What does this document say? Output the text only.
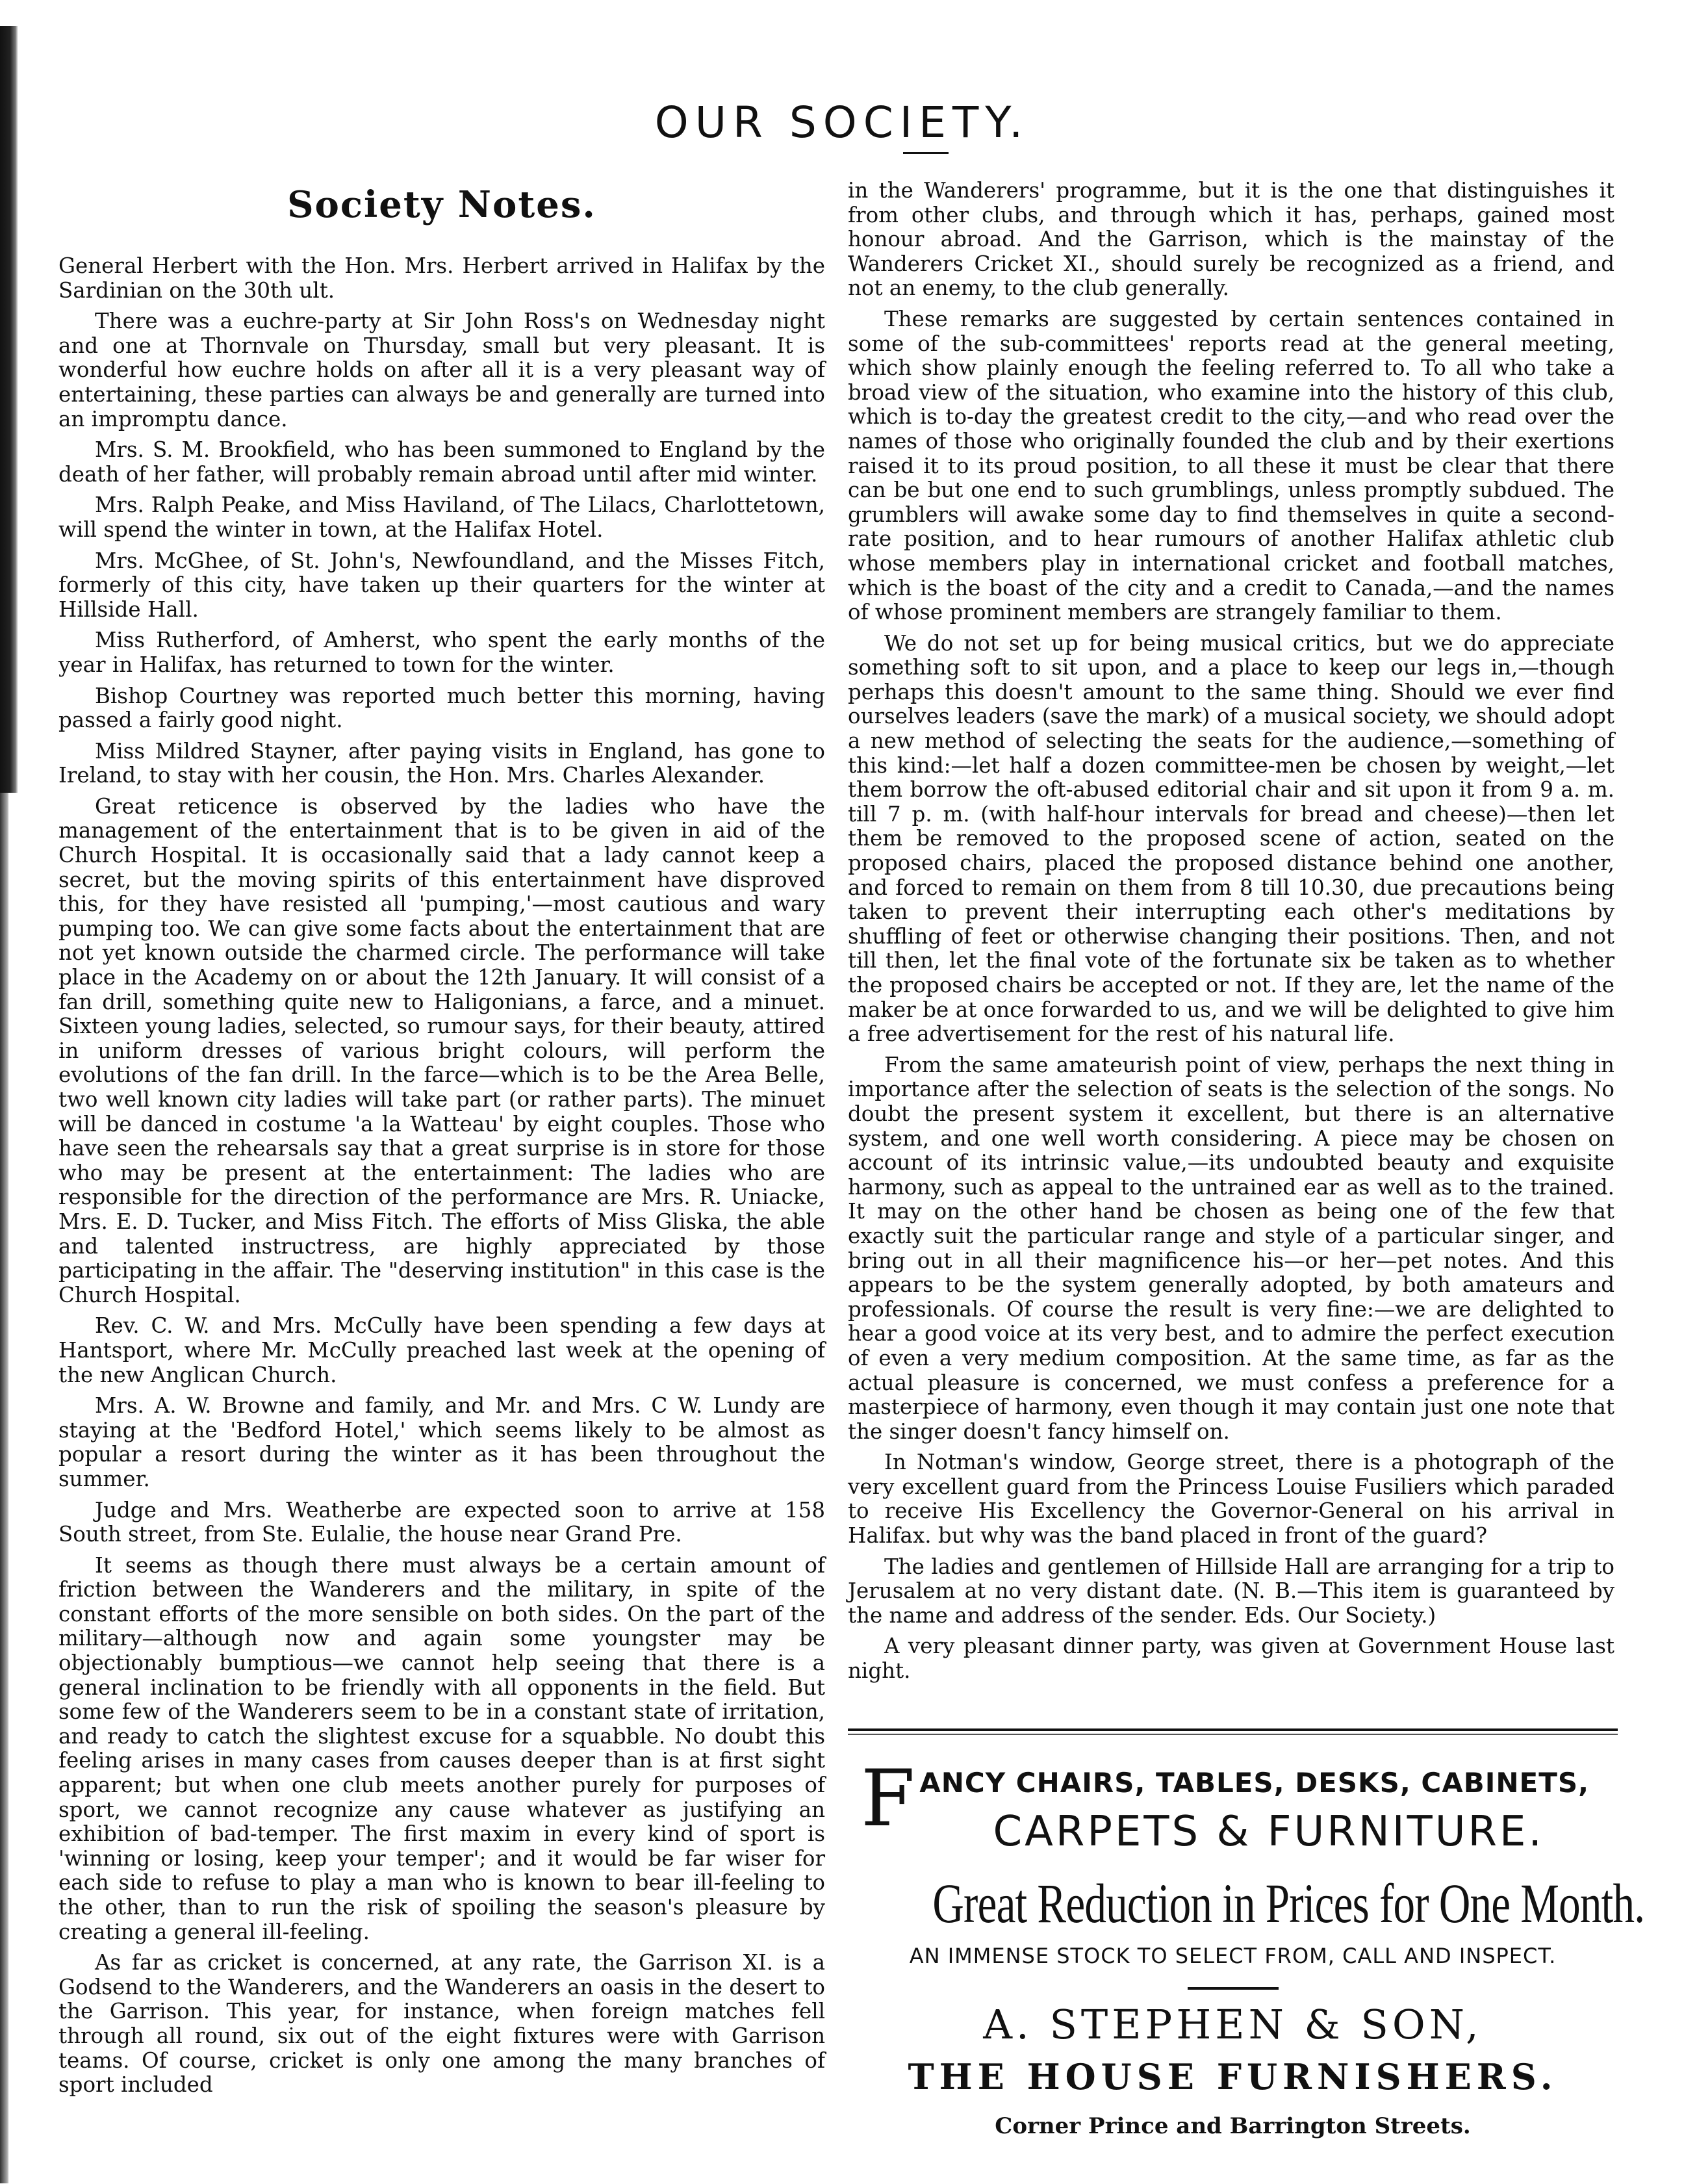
OUR SOCIETY.
Society Notes.

General Herbert with the Hon. Mrs. Herbert arrived in Halifax by the Sardinian on the 30th ult.

There was a euchre-party at Sir John Ross's on Wednesday night and one at Thornvale on Thursday, small but very pleasant. It is wonderful how euchre holds on after all it is a very pleasant way of entertaining, these parties can always be and generally are turned into an impromptu dance.

Mrs. S. M. Brookfield, who has been summoned to England by the death of her father, will probably remain abroad until after mid winter.

Mrs. Ralph Peake, and Miss Haviland, of The Lilacs, Charlottetown, will spend the winter in town, at the Halifax Hotel.

Mrs. McGhee, of St. John's, Newfoundland, and the Misses Fitch, formerly of this city, have taken up their quarters for the winter at Hillside Hall.

Miss Rutherford, of Amherst, who spent the early months of the year in Halifax, has returned to town for the winter.

Bishop Courtney was reported much better this morning, having passed a fairly good night.

Miss Mildred Stayner, after paying visits in England, has gone to Ireland, to stay with her cousin, the Hon. Mrs. Charles Alexander.

Great reticence is observed by the ladies who have the management of the entertainment that is to be given in aid of the Church Hospital. It is occasionally said that a lady cannot keep a secret, but the moving spirits of this entertainment have disproved this, for they have resisted all 'pumping,'—most cautious and wary pumping too. We can give some facts about the entertainment that are not yet known outside the charmed circle. The performance will take place in the Academy on or about the 12th January. It will consist of a fan drill, something quite new to Haligonians, a farce, and a minuet. Sixteen young ladies, selected, so rumour says, for their beauty, attired in uniform dresses of various bright colours, will perform the evolutions of the fan drill. In the farce—which is to be the Area Belle, two well known city ladies will take part (or rather parts). The minuet will be danced in costume 'a la Watteau' by eight couples. Those who have seen the rehearsals say that a great surprise is in store for those who may be present at the entertainment: The ladies who are responsible for the direction of the performance are Mrs. R. Uniacke, Mrs. E. D. Tucker, and Miss Fitch. The efforts of Miss Gliska, the able and talented instructress, are highly appreciated by those participating in the affair. The "deserving institution" in this case is the Church Hospital.

Rev. C. W. and Mrs. McCully have been spending a few days at Hantsport, where Mr. McCully preached last week at the opening of the new Anglican Church.

Mrs. A. W. Browne and family, and Mr. and Mrs. C W. Lundy are staying at the 'Bedford Hotel,' which seems likely to be almost as popular a resort during the winter as it has been throughout the summer.

Judge and Mrs. Weatherbe are expected soon to arrive at 158 South street, from Ste. Eulalie, the house near Grand Pre.

It seems as though there must always be a certain amount of friction between the Wanderers and the military, in spite of the constant efforts of the more sensible on both sides. On the part of the military—although now and again some youngster may be objectionably bumptious—we cannot help seeing that there is a general inclination to be friendly with all opponents in the field. But some few of the Wanderers seem to be in a constant state of irritation, and ready to catch the slightest excuse for a squabble. No doubt this feeling arises in many cases from causes deeper than is at first sight apparent; but when one club meets another purely for purposes of sport, we cannot recognize any cause whatever as justifying an exhibition of bad-temper. The first maxim in every kind of sport is 'winning or losing, keep your temper'; and it would be far wiser for each side to refuse to play a man who is known to bear ill-feeling to the other, than to run the risk of spoiling the season's pleasure by creating a general ill-feeling.

As far as cricket is concerned, at any rate, the Garrison XI. is a Godsend to the Wanderers, and the Wanderers an oasis in the desert to the Garrison. This year, for instance, when foreign matches fell through all round, six out of the eight fixtures were with Garrison teams. Of course, cricket is only one among the many branches of sport included

in the Wanderers' programme, but it is the one that distinguishes it from other clubs, and through which it has, perhaps, gained most honour abroad. And the Garrison, which is the mainstay of the Wanderers Cricket XI., should surely be recognized as a friend, and not an enemy, to the club generally.

These remarks are suggested by certain sentences contained in some of the sub-committees' reports read at the general meeting, which show plainly enough the feeling referred to. To all who take a broad view of the situation, who examine into the history of this club, which is to-day the greatest credit to the city,—and who read over the names of those who originally founded the club and by their exertions raised it to its proud position, to all these it must be clear that there can be but one end to such grumblings, unless promptly subdued. The grumblers will awake some day to find themselves in quite a second-rate position, and to hear rumours of another Halifax athletic club whose members play in international cricket and football matches, which is the boast of the city and a credit to Canada,—and the names of whose prominent members are strangely familiar to them.

We do not set up for being musical critics, but we do appreciate something soft to sit upon, and a place to keep our legs in,—though perhaps this doesn't amount to the same thing. Should we ever find ourselves leaders (save the mark) of a musical society, we should adopt a new method of selecting the seats for the audience,—something of this kind:—let half a dozen committee-men be chosen by weight,—let them borrow the oft-abused editorial chair and sit upon it from 9 a. m. till 7 p. m. (with half-hour intervals for bread and cheese)—then let them be removed to the proposed scene of action, seated on the proposed chairs, placed the proposed distance behind one another, and forced to remain on them from 8 till 10.30, due precautions being taken to prevent their interrupting each other's meditations by shuffling of feet or otherwise changing their positions. Then, and not till then, let the final vote of the fortunate six be taken as to whether the proposed chairs be accepted or not. If they are, let the name of the maker be at once forwarded to us, and we will be delighted to give him a free advertisement for the rest of his natural life.

From the same amateurish point of view, perhaps the next thing in importance after the selection of seats is the selection of the songs. No doubt the present system it excellent, but there is an alternative system, and one well worth considering. A piece may be chosen on account of its intrinsic value,—its undoubted beauty and exquisite harmony, such as appeal to the untrained ear as well as to the trained. It may on the other hand be chosen as being one of the few that exactly suit the particular range and style of a particular singer, and bring out in all their magnificence his—or her—pet notes. And this appears to be the system generally adopted, by both amateurs and professionals. Of course the result is very fine:—we are delighted to hear a good voice at its very best, and to admire the perfect execution of even a very medium composition. At the same time, as far as the actual pleasure is concerned, we must confess a preference for a masterpiece of harmony, even though it may contain just one note that the singer doesn't fancy himself on.

In Notman's window, George street, there is a photograph of the very excellent guard from the Princess Louise Fusiliers which paraded to receive His Excellency the Governor-General on his arrival in Halifax. but why was the band placed in front of the guard?

The ladies and gentlemen of Hillside Hall are arranging for a trip to Jerusalem at no very distant date. (N. B.—This item is guaranteed by the name and address of the sender. Eds. Our Society.)

A very pleasant dinner party, was given at Government House last night.

F ANCY CHAIRS, TABLES, DESKS, CABINETS,
CARPETS & FURNITURE.
Great Reduction in Prices for One Month.
AN IMMENSE STOCK TO SELECT FROM, CALL AND INSPECT.
A. STEPHEN & SON,
THE HOUSE FURNISHERS.
Corner Prince and Barrington Streets.
